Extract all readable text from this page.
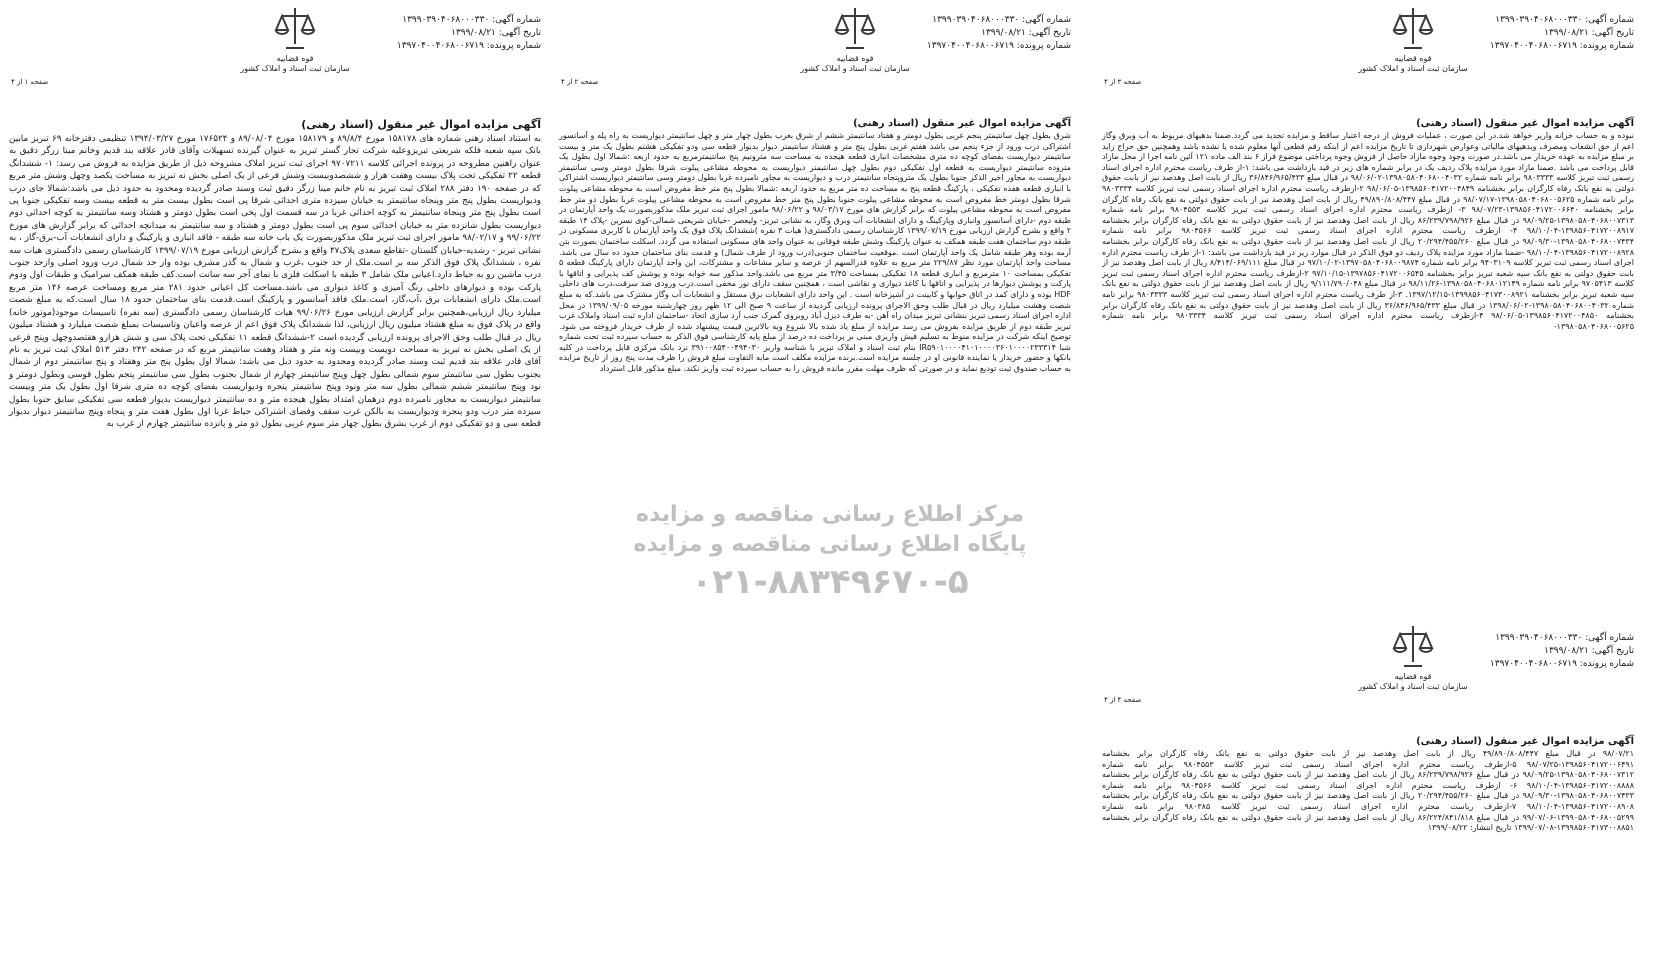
شماره آگهی: ۱۳۹۹۰۳۹۰۴۰۶۸۰۰۰۳۳۰
تاریخ آگهی: ۱۳۹۹/۰۸/۲۱
شماره پرونده: ۱۳۹۷۰۴۰۰۴۰۶۸۰۰۶۷۱۹
قوه قضاییه
سازمان ثبت اسناد و املاک کشور
صفحه ۳ از ۴
آگهی مزایده اموال غیر منقول (اسناد رهنی)

نبوده و به حساب خزانه واریز خواهد شد.در این صورت ، عملیات فروش از درجه اعتبار ساقط و مزایده تجدید می گردد.ضمنا بدهیهای مربوط به آب وبرق وگاز اعم از حق انشعاب ومصرف وبدهیهای مالیاتی وعوارض شهرداری تا تاریخ مزایده اعم از اینکه رقم قطعی آنها معلوم شده یا نشده باشد وهمچنین حق حراج زاید بر مبلغ مزایده به عهده خریدار می باشد.در صورت وجود وجوه مازاد حاصل از فروش وجوه پرداختی موضوع فراز ۶ بند الف ماده ۱۲۱ آئین نامه اجرا از محل مازاد قابل پرداخت می باشد .ضمنا مازاد مورد مزایده پلاک ردیف یک در برابر شماره های زیر در قید بازداشت می باشد: ۱-از طرف ریاست محترم اداره اجرای اسناد رسمی ثبت تبریز کلاسه ۹۸۰۳۳۳۳ برابر نامه شماره ۱۳۹۸۰۵۸۰۴۰۶۸۰۰۴۰۳۲-۹۸/۰۶/۰۲ در قبال مبلغ ۳۶/۸۴۶/۹۶۵/۴۳۳ ریال از بابت اصل وهدصد نیز از بابت حقوق دولتی به نفع بانک رفاه کارگران برابر بخشنامه ۱۳۹۸۵۶۰۴۱۷۲۰۰۴۸۴۹-۹۸/۰۶/۰۵ ۲-ازطرف ریاست محترم اداره اجرای اسناد رسمی ثبت تبریز کلاسه ۹۸۰۳۳۳۴ برابر نامه شماره ۱۳۹۸۰۵۸۰۴۰۶۸۰۰۵۶۲۵-۹۸/۰۷/۱۷ در قبال مبلغ ۴۹/۸۹۰/۸۰۸/۴۴۷ ریال از بابت اصل وهدصد نیز از بابت حقوق دولتی به نفع بانک رفاه کارگران برابر بخشنامه ۱۳۹۸۵۶۰۴۱۷۲۰۰۶۶۴۰-۹۸/۰۷/۲۳ ۳- ازطرف ریاست محترم اداره اجرای اسناد رسمی ثبت تبریز کلاسه ۹۸۰۴۵۵۳ برابر نامه شماره ۱۳۹۸۰۵۸۰۴۰۶۸۰۰۷۳۱۳-۹۸/۰۹/۲۵ در قبال مبلغ ۸۶/۲۳۹/۷۹۸/۹۲۶ ریال از بابت اصل وهدصد نیز از بابت حقوق دولتی به نفع بانک رفاه کارگران برابر بخشنامه ۱۳۹۸۵۶۰۴۱۷۲۰۰۸۹۱۷-۹۸/۱۰/۰۴ ۴- ازطرف ریاست محترم اداره اجرای اسناد رسمی ثبت تبریز کلاسه ۹۸۰۴۵۶۶ برابر نامه شماره ۱۳۹۸۰۵۸۰۴۰۶۸۰۰۷۴۳۴-۹۸/۰۹/۳۰ در قبال مبلغ ۲۰/۲۹۴/۴۵۵/۲۶۰ ریال از بابت اصل وهدصد نیز از بابت حقوق دولتی به نفع بانک رفاه کارگران برابر بخشنامه ۱۳۹۸۵۶۰۴۱۷۲۰۰۸۹۲۸-۹۸/۱۰/۰۴ -ضمنا مازاد مورد مزایده پلاک ردیف دو فوق الذکر در قبال موارد زیر در قید بازداشت می باشد: ۱-از طرف ریاست محترم اداره اجرای اسناد رسمی ثبت تبریز کلاسه ۹۴۰۳۱۰۹ برابر نامه شماره ۱۳۹۷۰۵۸۰۴۰۶۸۰۰۹۸۷۴-۹۷/۱۰/۰۲ در قبال مبلغ ۸/۴۱۴/۰۶۹/۱۱۱ ریال از بابت اصل وهدصد نیز از بابت حقوق دولتی به نفع بانک سپه شعبه تبریز برابر بخشنامه ۱۳۹۷۸۵۶۰۴۱۷۲۰۰۶۵۴۵-۹۷/۱۰/۱۵ ۲-ازطرف ریاست محترم اداره اجرای اسناد رسمی ثبت تبریز کلاسه ۹۷۰۵۴۱۳ برابر نامه شماره ۱۳۹۸۰۵۸۰۴۰۶۸۰۱۲۱۴۹-۹۸/۱۱/۲۶ در قبال مبلغ ۹/۱۱۱/۷۹۰/۰۴۸ ریال از بابت اصل وهدصد نیز از بابت حقوق دولتی به نفع بانک سپه شعبه تبریز برابر بخشنامه ۱۳۹۹۸۵۶۰۴۱۷۳۰۰۸۹۲۱-۱۳۹۷/۱۲/۱۵. ۳-از طرف ریاست محترم اداره اجرای اسناد رسمی ثبت تبریز کلاسه ۹۸۰۳۳۳۳ برابر نامه شماره ۱۳۹۸۰۵۸۰۴۰۶۸۰۰۴۰۳۲-۱۳۹۸/۰۶/۰۲ در قبال مبلغ ۳۶/۸۴۶/۹۶۵/۴۳۳ ریال از بابت اصل وهدصد نیز از بابت حقوق دولتی به نفع بانک رفاه کارگران برابر بخشنامه ۱۳۹۸۵۶۰۴۱۷۲۰۰۴۸۵۰-۹۸/۰۶/۰۵ ۴-ازطرف ریاست محترم اداره اجرای اسناد رسمی ثبت تبریز کلاسه ۹۸۰۳۳۳۴ برابر نامه شماره ۱۳۹۸۰۵۸۰۴۰۶۸۰۰۵۶۲۵-

شماره آگهی: ۱۳۹۹۰۳۹۰۴۰۶۸۰۰۰۳۳۰
تاریخ آگهی: ۱۳۹۹/۰۸/۲۱
شماره پرونده: ۱۳۹۷۰۴۰۰۴۰۶۸۰۰۶۷۱۹
قوه قضاییه
سازمان ثبت اسناد و املاک کشور
صفحه ۲ از ۴
آگهی مزایده اموال غیر منقول (اسناد رهنی)

شرق بطول چهل سانتیمتر پنجم غربی بطول دومتر و هفتاد سانتیمتر ششم از شرق بغرب بطول چهار متر و چهل سانتیمتر دیواریست به راه پله و آسانسور اشتراکی درب ورود از جزء پنجم می باشد هفتم غربی بطول پنج متر و هشتاد سانتیمتر دیوار بدیوار قطعه سی ودو تفکیکی هشتم بطول یک متر و بیست سانتیمتر دیواریست بفضای کوچه ده متری مشخصات انباری قطعه هیجده به مساحت سه مترونیم پنج سانتیمترمربع به حدود اربعه :شمالا اول بطول یک متروده سانتیمتر دیواریست به قطعه اول تفکیکی دوم بطول چهل سانتیمتر دیواریست به محوطه مشاعی پیلوت شرقا بطول دومتر وسی سانتیمتر دیواریست به مجاور اخیر الذکر جنوبا بطول یک متروپنجاه سانتیمتر درب و دیواریست به مجاور نامبرده غربا بطول دومتر وسی سانتیمتر دیواریست اشتراکی با انباری قطعه هفده تفکیکی ، پارکینگ قطعه پنج به مساحت ده متر مربع به حدود اربعه :شمالا بطول پنج متر خط مفروض است به محوطه مشاعی پیلوت شرقا بطول دومتر خط مفروض است به محوطه مشاعی پیلوت جنوبا بطول پنج متر خط مفروض است به محوطه مشاعی پیلوت غربا بطول دو متر خط مفروض است به محوطه مشاعی پیلوت که برابر گزارش های مورخ ۹۸/۰۳/۱۷ و ۹۸/۰۶/۲۲ مامور اجرای ثبت تبریز ملک مذکوربصورت یک واحد آپارتمان در طبقه دوم -دارای آسانسور وانباری وپارکینگ و دارای انشعابات آب وبرق وگاز، به نشانی تبریز- ولیعصر -خیابان شریعتی شمالی-کوی نسرین -پلاک ۱۴ طبقه ۲ واقع و بشرح گزارش ارزیابی مورخ ۱۳۹۹/۰۷/۱۹ کارشناسان رسمی دادگستری( هیات ۳ نفره )ششدانگ پلاک فوق یک واحد آپارتمان با کاربری مسکونی در طبقه دوم ساختمان هفت طبقه همکف به عنوان پارکینگ وشش طبقه فوقانی به عنوان واحد های مسکونی استفاده می گردد. اسکلت ساختمان بصورت بتن آرمه بوده وهر طبقه شامل یک واحد آپارتمان است .موقعیت ساختمان جنوبی(درب ورود از طرف شمال) و قدمت بنای ساختمان حدود ده سال می باشد. مساحت واحد آپارتمان مورد نظر ۲۲۹/۸۷ متر مربع به علاوه قدرالسهم از عرصه و سایر مشاعات و مشترکات، این واحد آپارتمان دارای پارکینگ قطعه ۵ تفکیکی بمساحت ۱۰ مترمربع و انباری قطعه ۱۸ تفکیکی بمساحت ۳/۴۵ متر مربع می باشد.واحد مذکور سه خوابه بوده و پوشش کف پذیرایی و اتاقها با پارکت و پوشش دیوارها در پذیرایی و اتاقها با کاغذ دیواری و نقاشی است ، همچنین سقف دارای نور مخفی است.درب ورودی ضد سرقت،درب های داخلی HDF بوده و دارای کمد در اتاق خوابها و کابینت در آشپزخانه است . این واحد دارای انشعابات برق مستقل و انشعابات آب وگاز مشترک می باشد.که به مبلغ شصت وهشت میلیارد ریال در قبال طلب وحق الاجرای پرونده ارزیابی گردیده از ساعت ۹ صبح الی ۱۲ ظهر روز چهارشنبه مورخه ۱۳۹۹/۰۹/۰۵ در محل اداره اجرای اسناد رسمی تبریز بنشانی تبریز میدان راه آهن -به طرف دیزل آباد روبروی گمرک جنب آرد سازی اتحاد -ساختمان اداره ثبت اسناد واملاک غرب تبریز طبقه دوم از طریق مزایده بفروش می رسد مزایده از مبلغ یاد شده بالا شروع وبه بالاترین قیمت پیشنهاد شده از طرف خریدار فروخته می شود. توضیح اینکه شرکت در مزایده منوط به تسلیم فیش واریزی مبنی بر پرداخت ده درصد از مبلغ پایه کارشناسی فوق الذکر به حساب سپرده ثبت تحت شماره شبا IR۵۹۰۱۰۰۰۰۴۱۰۱۰۰۰۰۳۶۰۱۰۰۰۰۲۳۳۳۱۴ بنام ثبت اسناد و املاک تبریز با شناسه واریز ۳۹۱۰۰۸۵۴۰۰۴۹۴۰۳۰ نزد بانک مرکزی قابل پرداخت در کلیه بانکها و حضور خریدار یا نماینده قانونی او در جلسه مزایده است.برنده مزایده مکلف است مابه التفاوت مبلغ فروش را ظرف مدت پنج روز از تاریخ مزایده به حساب صندوق ثبت تودیع نماید و در صورتی که ظرف مهلت مقرر مانده فروش را به حساب سپرده ثبت واریز نکند، مبلغ مذکور قابل استرداد

شماره آگهی: ۱۳۹۹۰۳۹۰۴۰۶۸۰۰۰۳۳۰
تاریخ آگهی: ۱۳۹۹/۰۸/۲۱
شماره پرونده: ۱۳۹۷۰۴۰۰۴۰۶۸۰۰۶۷۱۹
قوه قضاییه
سازمان ثبت اسناد و املاک کشور
صفحه ۱ از ۴
آگهی مزایده اموال غیر منقول (اسناد رهنی)

به استناد اسناد رهنی شماره های ۱۵۸۱۷۸ مورخ ۸۹/۸/۴ و ۱۵۸۱۷۹ مورخ ۸۹/۰۸/۰۴ و ۱۷۶۵۲۴ مورخ ۱۳۹۴/۰۳/۲۷ تنظیمی دفترخانه ۶۹ تبریز مابین بانک سپه شعبه فلکه شریعتی تبریزوعلیه شرکت تجار گستر تبریز به عنوان گیرنده تسهیلات وآقای قادر علاقه بند قدیم وخانم مینا زرگر دقیق به عنوان راهنین مطروحه در پرونده اجرائی کلاسه ۹۷۰۷۲۱۱ اجرای ثبت تبریز املاک مشروحه ذیل از طریق مزایده به فروش می رسد: ۱- ششدانگ قطعه ۲۲ تفکیکی تحت پلاک بیست وهفت هزار و ششصدوبیست وشش فرعی از یک اصلی بخش نه تبریز به مساحت یکصد وچهل وشش متر مربع که در صفحه ۱۹۰ دفتر ۲۸۸ املاک ثبت تبریز به نام خانم مینا زرگر دقیق ثبت وسند صادر گردیده ومحدود به حدود ذیل می باشد:شمالا جای درب ودیواریست بطول پنج متر وپنجاه سانتیمتر به خیابان سیزده متری احداثی شرقا پی است بطول بیست متر به قطعه بیست وسه تفکیکی جنوبا پی است بطول پنج متر وپنجاه سانتیمتر به کوچه احداثی غربا در سه قسمت اول پخی است بطول دومتر و هشتاد وسه سانتیمتر به کوچه احداثی دوم دیواریست بطول شانزده متر به خیابان احداثی سوم پی است بطول دومتر و هشتاد و سه سانتیمتر به میدانچه احداثی که برابر گزارش های مورخ ۹۹/۰۶/۲۲ و ۹۸/۰۲/۱۷ مامور اجرای ثبت تبریز ملک مذکوربصورت یک باب خانه سه طبقه - فاقد انباری و پارکینگ و دارای انشعابات آب-برق-گاز ، به نشانی تبریز - رشدیه-خیابان گلستان -تقاطع سعدی پلاک۴۷ واقع و بشرح گزارش ارزیابی مورخ ۱۳۹۹/۰۷/۱۹ کارشناسان رسمی دادگستری هیات سه نفره ، ششدانگ پلاک فوق الذکر سه بر است.ملک از حد جنوب ،غرب و شمال به گذر مشرف بوده واز حد شمال درب ورود اصلی وازحد جنوب درب ماشین رو به حیاط دارد.اعیانی ملک شامل ۳ طبقه با اسکلت فلزی با نمای آجر سه سانت است.کف طبقه همکف سرامیک و طبقات اول ودوم پارکت بوده و دیوارهای داخلی رنگ آمیزی و کاغذ دیواری می باشد.مساحت کل اعیانی حدود ۲۸۱ متر مربع ومساحت عرصه ۱۴۶ متر مربع است.ملک دارای انشعابات برق ،آب،گاز، است.ملک فاقد آسانسور و پارکینگ است.قدمت بنای ساختمان حدود ۱۸ سال است.که به مبلغ شصت میلیارد ریال ارزیابی،همچنین برابر گزارش ارزیابی مورخ ۹۹/۰۶/۲۶ هیات کارشناسان رسمی دادگستری (سه نفره) تاسیسات موجود(موتور خانه) واقع در پلاک فوق به مبلغ هشتاد میلیون ریال ارزیابی، لذا ششدانگ پلاک فوق اعم از عرصه واعیان وتاسیسات بمبلغ شصت میلیارد و هشتاد میلیون ریال در قبال طلب وحق الاجرای پرونده ارزیابی گردیده است ۲-ششدانگ قطعه ۱۱ تفکیکی تحت پلاک سی و شش هزارو هفتصدوچهل وپنج فرعی از یک اصلی بخش نه تبریز به مساحت دویست وبیست ونه متر و هفتاد وهفت سانتیمتر مربع که در صفحه ۲۴۲ دفتر ۵۱۳ املاک ثبت تبریز به نام آقای قادر علاقه بند قدیم ثبت وسند صادر گردیده ومحدود به حدود ذیل می باشد: شمالا اول بطول پنج متر وهفتاد و پنج سانتیمتر دوم از شمال بجنوب بطول سی سانتیمتر سوم شمالی بطول چهل وپنج سانتیمتر چهارم از شمال بجنوب بطول سی سانتیمتر پنجم بطول قوسی وبطول دومتر و نود وپنج سانتیمتر ششم شمالی بطول سه متر ونود وپنج سانتیمتر پنجره ودیواریست بفضای کوچه ده متری شرقا اول بطول یک متر وبیست سانتیمتر دیواریست به مجاور نامبرده دوم درهمان امتداد بطول هیجده متر و ده سانتیمتر دیواریست بدیوار قطعه سی تفکیکی سابق جنوبا بطول سیزده متر درب ودو پنجره ودیواریست به بالکن غرب سقف وفضای اشتراکی حیاط غربا اول بطول هفت متر و پنجاه وپنج سانتیمتر دیوار بدیوار قطعه سی و دو تفکیکی دوم از غرب بشرق بطول چهار متر سوم غربی بطول دو متر و پانزده سانتیمتر چهارم از غرب به

شماره آگهی: ۱۳۹۹۰۳۹۰۴۰۶۸۰۰۰۳۳۰
تاریخ آگهی: ۱۳۹۹/۰۸/۲۱
شماره پرونده: ۱۳۹۷۰۴۰۰۴۰۶۸۰۰۶۷۱۹
قوه قضاییه
سازمان ثبت اسناد و املاک کشور
صفحه ۴ از ۴
آگهی مزایده اموال غیر منقول (اسناد رهنی)

۹۸/۰۷/۲۱ در قبال مبلغ ۴۹/۸۹۰/۸۰۸/۴۴۷ ریال از بابت اصل وهدصد نیز از بابت حقوق دولتی به نفع بانک رفاه کارگران برابر بخشنامه ۱۳۹۸۵۶۰۴۱۷۲۰۰۶۴۹۱-۹۸/۰۷/۲۵ ۵-ازطرف ریاست محترم اداره اجرای اسناد رسمی ثبت تبریز کلاسه ۹۸۰۴۵۵۳ برابر نامه شماره ۱۳۹۸۰۵۸۰۴۰۶۸۰۰۷۳۱۲-۹۸/۰۹/۲۵ در قبال مبلغ ۸۶/۲۳۹/۷۹۸/۹۲۶ ریال از بابت اصل وهدصد نیز از بابت حقوق دولتی به نفع بانک رفاه کارگران برابر بخشنامه ۱۳۹۸۵۶۰۴۱۷۲۰۰۸۸۸۸-۹۸/۱۰/۰۴ ۶- ازطرف ریاست محترم اداره اجرای اسناد رسمی ثبت تبریز کلاسه ۹۸۰۴۵۶۶ برابر نامه شماره ۱۳۹۸۰۵۸۰۴۰۶۸۰۰۷۴۳۳-۹۸/۰۹/۳۰ در قبال مبلغ ۲۰/۲۹۴/۴۵۵/۲۶۰ ریال از بابت اصل وهدصد نیز از بابت حقوق دولتی به نفع بانک رفاه کارگران برابر بخشنامه ۱۳۹۸۵۶۰۴۱۷۲۰۰۸۹۰۸-۹۸/۱۰/۰۴ ۷-ازطرف ریاست محترم اداره اجرای اسناد رسمی ثبت تبریز کلاسه ۹۸۰۳۸۵ برابر نامه شماره ۱۳۹۹۰۵۸۰۴۰۶۸۰۰۵۲۹۹-۹۹/۰۷/۰۶ در قبال مبلغ ۸۶/۲۲۴/۸۴۱/۸۱۸ ریال از بابت اصل وهدصد نیز از بابت حقوق دولتی به نفع بانک رفاه کارگران برابر بخشنامه ۱۳۹۹۸۵۶۰۴۱۷۳۰۰۸۸۵۱-۱۳۹۹/۰۷/۰۸ تاریخ انتشار: ۱۳۹۹/۰۸/۲۲

مرکز اطلاع رسانی مناقصه و مزایده
پایگاه اطلاع رسانی مناقصه و مزایده
۰۲۱-۸۸۳۴۹۶۷۰-۵
